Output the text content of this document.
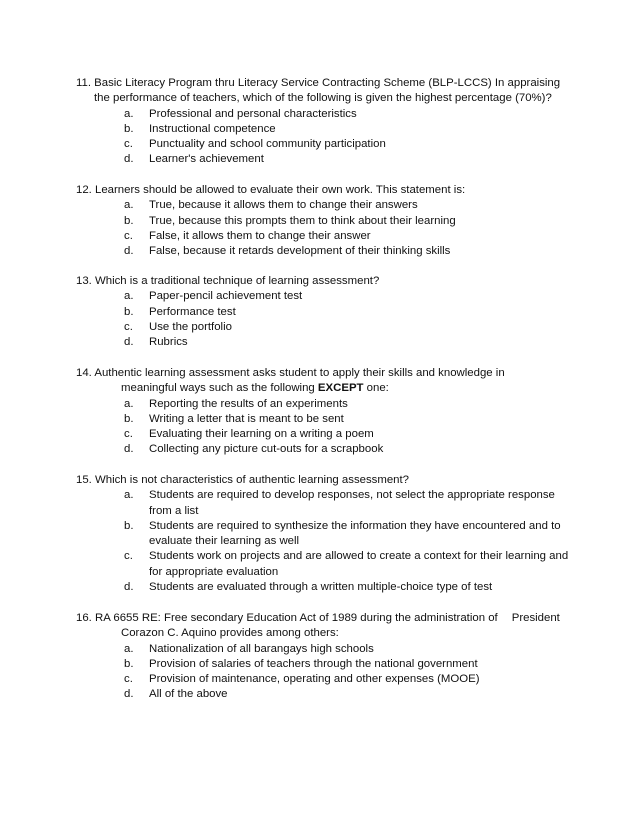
11. Basic Literacy Program thru Literacy Service Contracting Scheme (BLP-LCCS) In appraising
the performance of teachers, which of the following is given the highest percentage (70%)?
a.	Professional and personal characteristics
b.	Instructional competence
c.	Punctuality and school community participation
d.	Learner's achievement
12. Learners should be allowed to evaluate their own work. This statement is:
a.	True, because it allows them to change their answers
b.	True, because this prompts them to think about their learning
c.	False, it allows them to change their answer
d.	False, because it retards development of their thinking skills
13. Which is a traditional technique of learning assessment?
a.	Paper-pencil achievement test
b.	Performance test
c.	Use the portfolio
d.	Rubrics
14. Authentic learning assessment asks student to apply their skills and knowledge in
meaningful ways such as the following EXCEPT one:
a.	Reporting the results of an experiments
b.	Writing a letter that is meant to be sent
c.	Evaluating their learning on a writing a poem
d.	Collecting any picture cut-outs for a scrapbook
15. Which is not characteristics of authentic learning assessment?
a.	Students are required to develop responses, not select the appropriate response from a list
b.	Students are required to synthesize the information they have encountered and to evaluate their learning as well
c.	Students work on projects and are allowed to create a context for their learning and for appropriate evaluation
d.	Students are evaluated through a written multiple-choice type of test
16. RA 6655 RE: Free secondary Education Act of 1989 during the administration of President
Corazon C. Aquino provides among others:
a.	Nationalization of all barangays high schools
b.	Provision of salaries of teachers through the national government
c.	Provision of maintenance, operating and other expenses (MOOE)
d.	All of the above
